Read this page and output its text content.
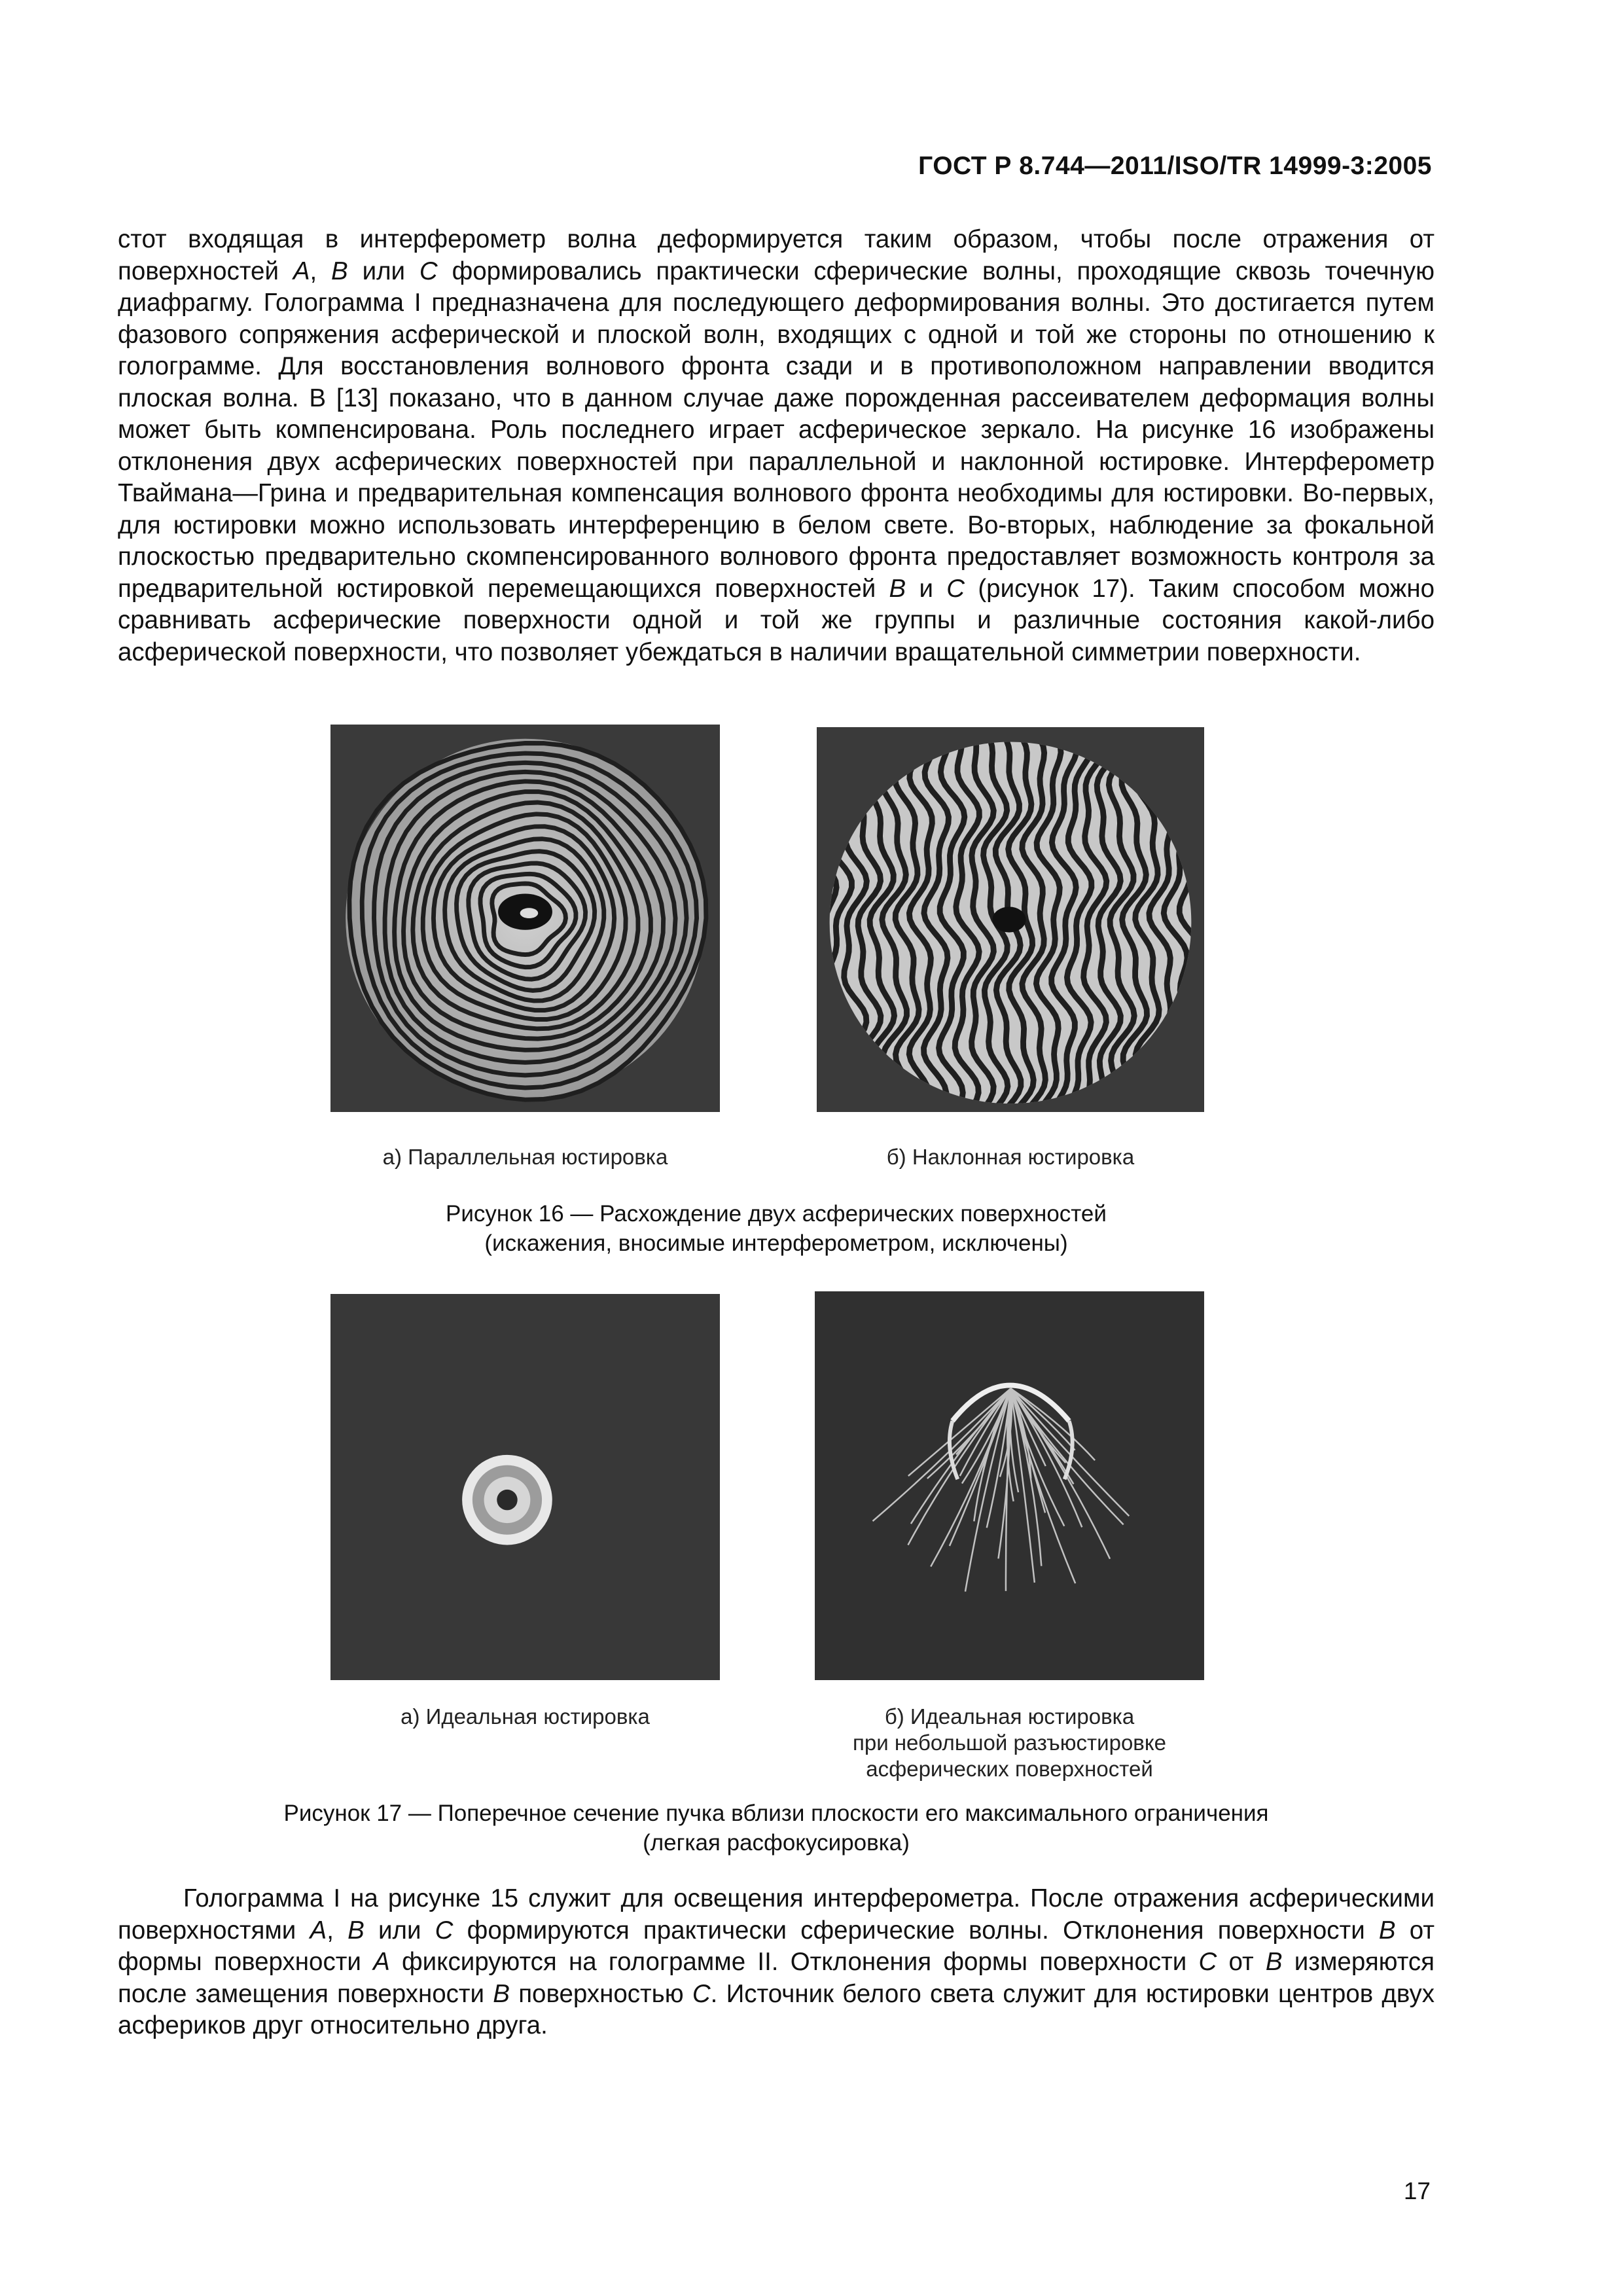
ГОСТ Р 8.744—2011/ISO/TR 14999-3:2005
стот входящая в интерферометр волна деформируется таким образом, чтобы после отражения от поверхностей A, B или C формировались практически сферические волны, проходящие сквозь точечную диафрагму. Голограмма I предназначена для последующего деформирования волны. Это достигается путем фазового сопряжения асферической и плоской волн, входящих с одной и той же стороны по отношению к голограмме. Для восстановления волнового фронта сзади и в противоположном направлении вводится плоская волна. В [13] показано, что в данном случае даже порожденная рассеивателем деформация волны может быть компенсирована. Роль последнего играет асферическое зеркало. На рисунке 16 изображены отклонения двух асферических поверхностей при параллельной и наклонной юстировке. Интерферометр Тваймана—Грина и предварительная компенсация волнового фронта необходимы для юстировки. Во-первых, для юстировки можно использовать интерференцию в белом свете. Во-вторых, наблюдение за фокальной плоскостью предварительно скомпенсированного волнового фронта предоставляет возможность контроля за предварительной юстировкой перемещающихся поверхностей B и C (рисунок 17). Таким способом можно сравнивать асферические поверхности одной и той же группы и различные состояния какой-либо асферической поверхности, что позволяет убеждаться в наличии вращательной симметрии поверхности.
а) Параллельная юстировка	б) Наклонная юстировка
Рисунок 16 — Расхождение двух асферических поверхностей
(искажения, вносимые интерферометром, исключены)
а) Идеальная юстировка	б) Идеальная юстировка
при небольшой разъюстировке
асферических поверхностей
Рисунок 17 — Поперечное сечение пучка вблизи плоскости его максимального ограничения
(легкая расфокусировка)
Голограмма I на рисунке 15 служит для освещения интерферометра. После отражения асферическими поверхностями A, B или C формируются практически сферические волны. Отклонения поверхности B от формы поверхности A фиксируются на голограмме II. Отклонения формы поверхности C от B измеряются после замещения поверхности B поверхностью C. Источник белого света служит для юстировки центров двух асфериков друг относительно друга.
17
